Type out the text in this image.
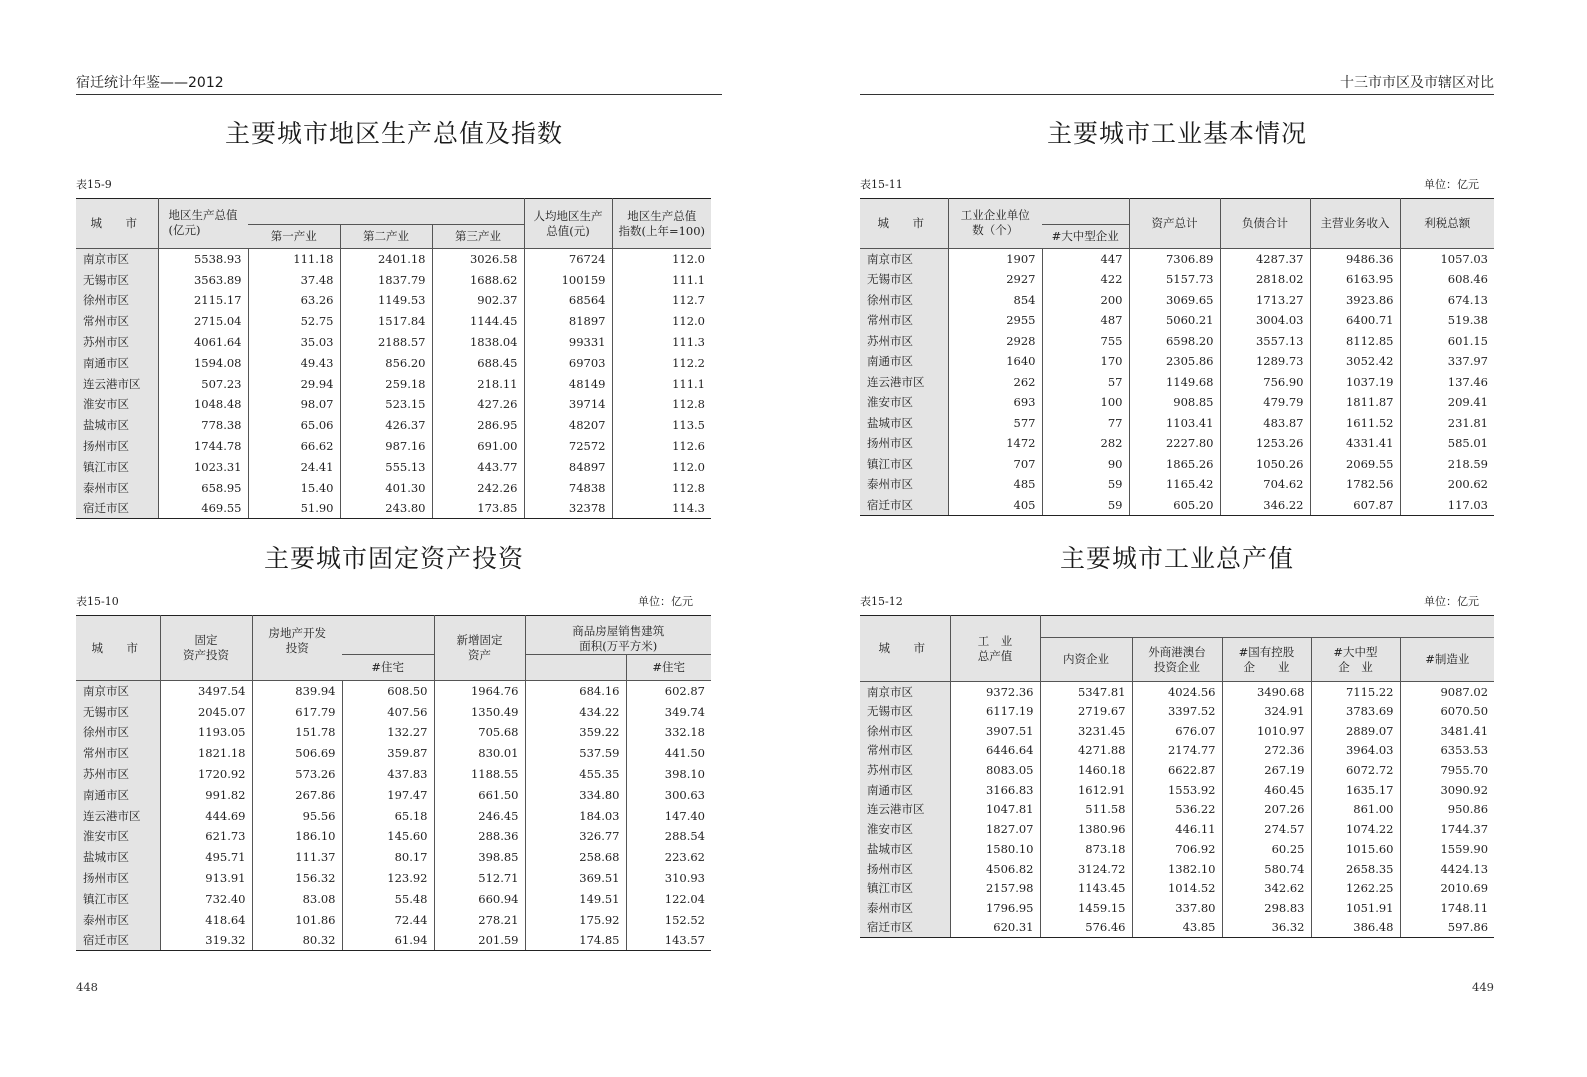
宿迁统计年鉴——2012
主要城市地区生产总值及指数
表15-9
城　市	地区生产总值
(亿元)				人均地区生产
总值(元)	地区生产总值
指数(上年=100)
		第一产业	第二产业	第三产业		
南京市区	5538.93	111.18	2401.18	3026.58	76724	112.0
无锡市区	3563.89	37.48	1837.79	1688.62	100159	111.1
徐州市区	2115.17	63.26	1149.53	902.37	68564	112.7
常州市区	2715.04	52.75	1517.84	1144.45	81897	112.0
苏州市区	4061.64	35.03	2188.57	1838.04	99331	111.3
南通市区	1594.08	49.43	856.20	688.45	69703	112.2
连云港市区	507.23	29.94	259.18	218.11	48149	111.1
淮安市区	1048.48	98.07	523.15	427.26	39714	112.8
盐城市区	778.38	65.06	426.37	286.95	48207	113.5
扬州市区	1744.78	66.62	987.16	691.00	72572	112.6
镇江市区	1023.31	24.41	555.13	443.77	84897	112.0
泰州市区	658.95	15.40	401.30	242.26	74838	112.8
宿迁市区	469.55	51.90	243.80	173.85	32378	114.3
主要城市固定资产投资
表15-10	单位：亿元
城　市	固定
资产投资	房地产开发
投资		新增固定
资产	商品房屋销售建筑
面积(万平方米)	
			#住宅			#住宅
南京市区	3497.54	839.94	608.50	1964.76	684.16	602.87
无锡市区	2045.07	617.79	407.56	1350.49	434.22	349.74
徐州市区	1193.05	151.78	132.27	705.68	359.22	332.18
常州市区	1821.18	506.69	359.87	830.01	537.59	441.50
苏州市区	1720.92	573.26	437.83	1188.55	455.35	398.10
南通市区	991.82	267.86	197.47	661.50	334.80	300.63
连云港市区	444.69	95.56	65.18	246.45	184.03	147.40
淮安市区	621.73	186.10	145.60	288.36	326.77	288.54
盐城市区	495.71	111.37	80.17	398.85	258.68	223.62
扬州市区	913.91	156.32	123.92	512.71	369.51	310.93
镇江市区	732.40	83.08	55.48	660.94	149.51	122.04
泰州市区	418.64	101.86	72.44	278.21	175.92	152.52
宿迁市区	319.32	80.32	61.94	201.59	174.85	143.57
448
十三市市区及市辖区对比
主要城市工业基本情况
表15-11	单位：亿元
城　市	工业企业单位
数（个）		资产总计	负债合计	主营业务收入	利税总额
		#大中型企业				
南京市区	1907	447	7306.89	4287.37	9486.36	1057.03
无锡市区	2927	422	5157.73	2818.02	6163.95	608.46
徐州市区	854	200	3069.65	1713.27	3923.86	674.13
常州市区	2955	487	5060.21	3004.03	6400.71	519.38
苏州市区	2928	755	6598.20	3557.13	8112.85	601.15
南通市区	1640	170	2305.86	1289.73	3052.42	337.97
连云港市区	262	57	1149.68	756.90	1037.19	137.46
淮安市区	693	100	908.85	479.79	1811.87	209.41
盐城市区	577	77	1103.41	483.87	1611.52	231.81
扬州市区	1472	282	2227.80	1253.26	4331.41	585.01
镇江市区	707	90	1865.26	1050.26	2069.55	218.59
泰州市区	485	59	1165.42	704.62	1782.56	200.62
宿迁市区	405	59	605.20	346.22	607.87	117.03
主要城市工业总产值
表15-12	单位：亿元
城　市	工　业
总产值					
		内资企业	外商港澳台
投资企业	#国有控股
企　　业	#大中型
企　业	#制造业
南京市区	9372.36	5347.81	4024.56	3490.68	7115.22	9087.02
无锡市区	6117.19	2719.67	3397.52	324.91	3783.69	6070.50
徐州市区	3907.51	3231.45	676.07	1010.97	2889.07	3481.41
常州市区	6446.64	4271.88	2174.77	272.36	3964.03	6353.53
苏州市区	8083.05	1460.18	6622.87	267.19	6072.72	7955.70
南通市区	3166.83	1612.91	1553.92	460.45	1635.17	3090.92
连云港市区	1047.81	511.58	536.22	207.26	861.00	950.86
淮安市区	1827.07	1380.96	446.11	274.57	1074.22	1744.37
盐城市区	1580.10	873.18	706.92	60.25	1015.60	1559.90
扬州市区	4506.82	3124.72	1382.10	580.74	2658.35	4424.13
镇江市区	2157.98	1143.45	1014.52	342.62	1262.25	2010.69
泰州市区	1796.95	1459.15	337.80	298.83	1051.91	1748.11
宿迁市区	620.31	576.46	43.85	36.32	386.48	597.86
449
